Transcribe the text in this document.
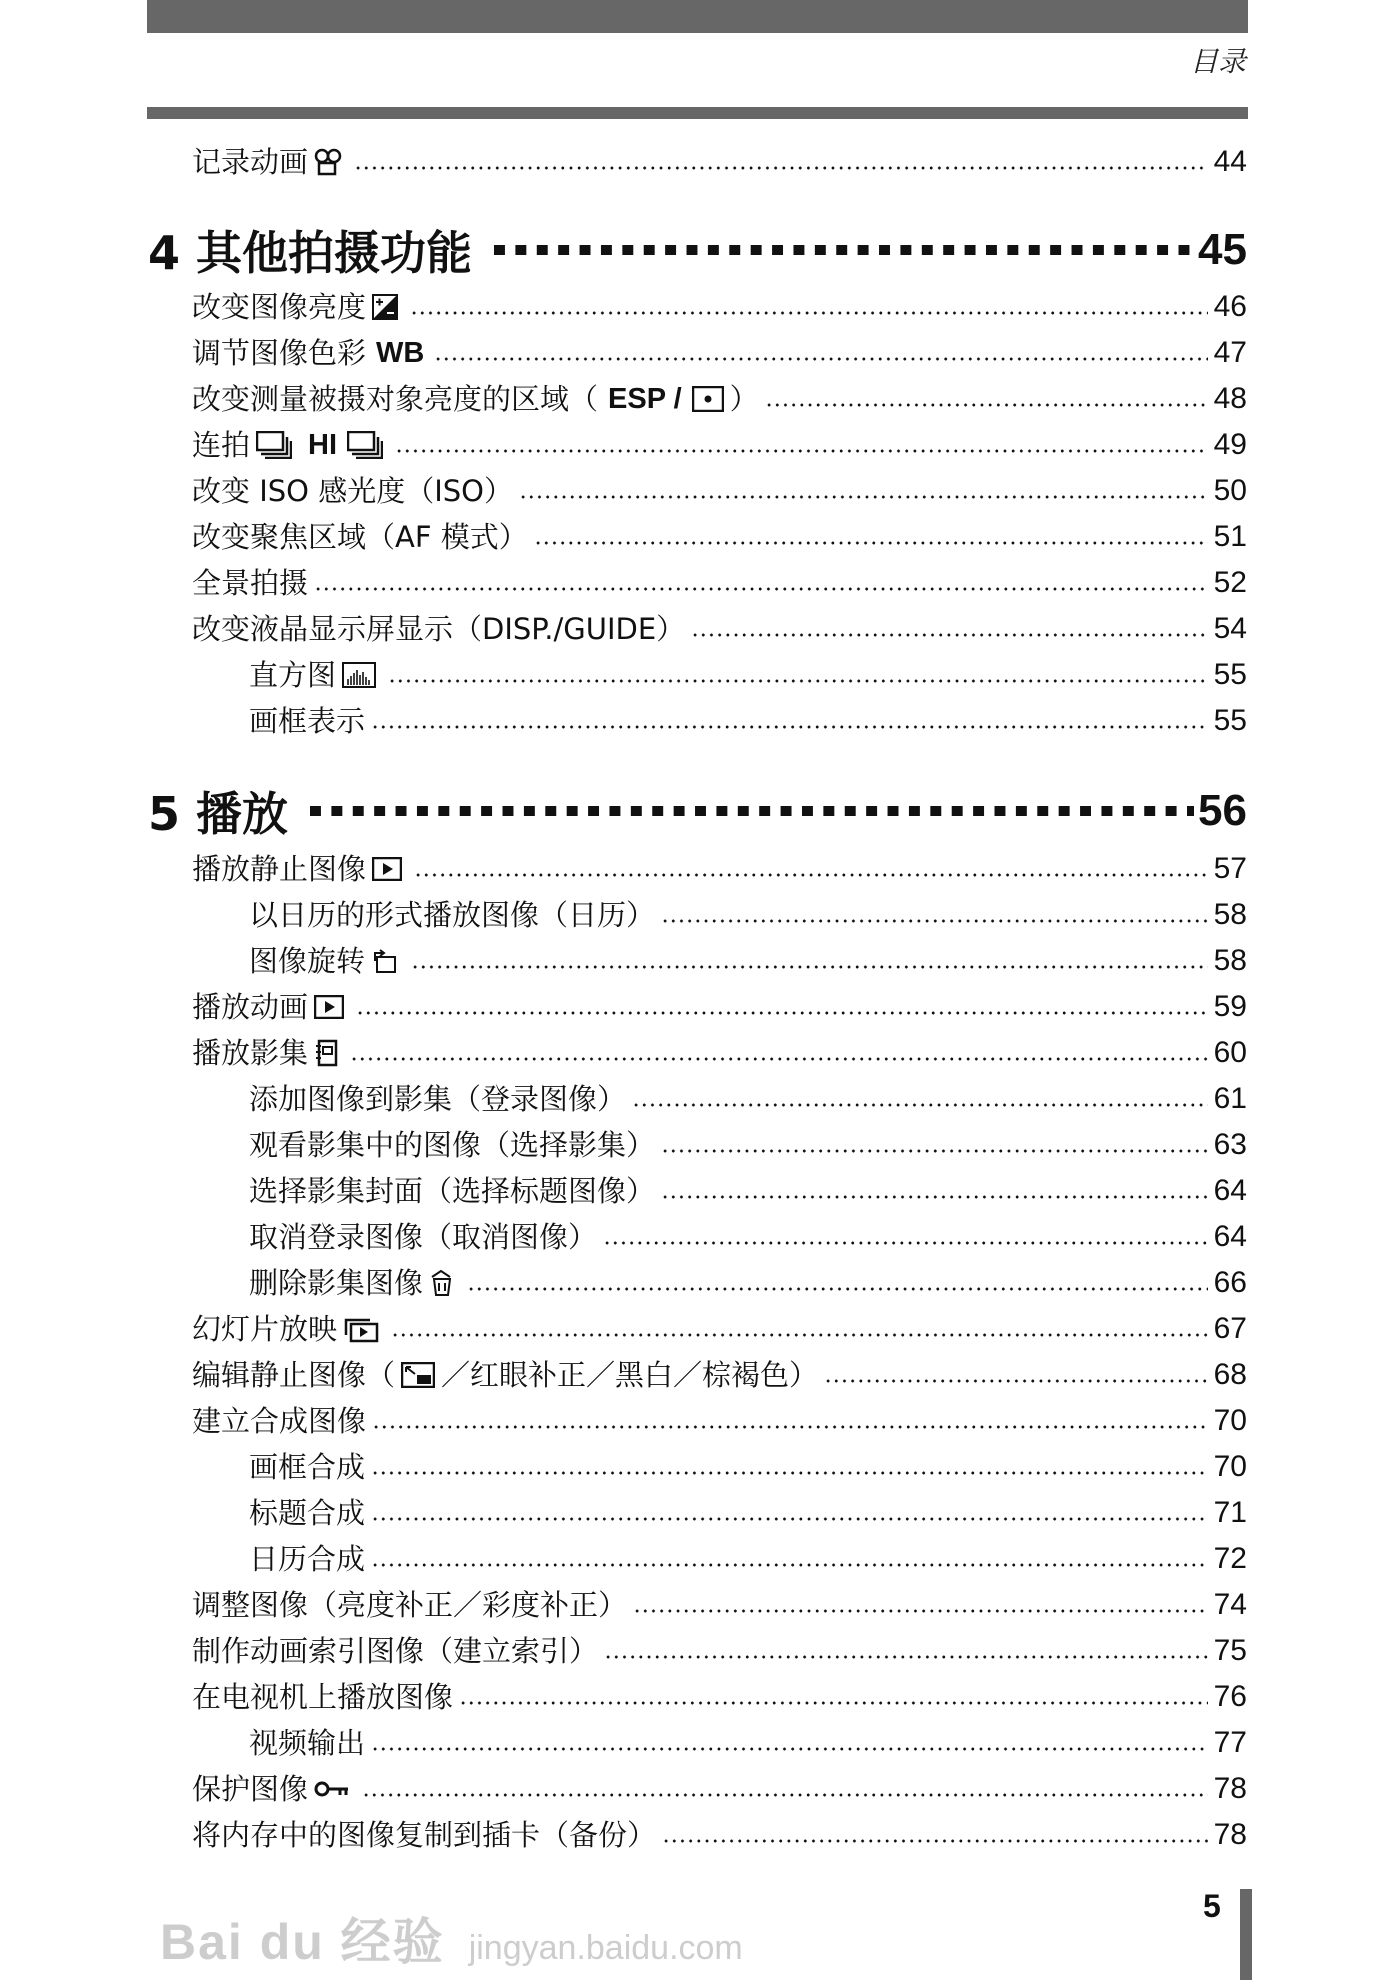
目录
记录动画	44
4 其他拍摄功能	45
改变图像亮度	46
调节图像色彩 WB	47
改变测量被摄对象亮度的区域（ ESP / ）	48
连拍 HI	49
改变 ISO 感光度（ISO）	50
改变聚焦区域（AF 模式）	51
全景拍摄	52
改变液晶显示屏显示（DISP./GUIDE）	54
直方图	55
画框表示	55
5 播放	56
播放静止图像	57
以日历的形式播放图像（日历）	58
图像旋转	58
播放动画	59
播放影集	60
添加图像到影集（登录图像）	61
观看影集中的图像（选择影集）	63
选择影集封面（选择标题图像）	64
取消登录图像（取消图像）	64
删除影集图像	66
幻灯片放映	67
编辑静止图像（ ／红眼补正／黑白／棕褐色）	68
建立合成图像	70
画框合成	70
标题合成	71
日历合成	72
调整图像（亮度补正／彩度补正）	74
制作动画索引图像（建立索引）	75
在电视机上播放图像	76
视频输出	77
保护图像	78
将内存中的图像复制到插卡（备份）	78
Bai du 经验 jingyan.baidu.com
5
